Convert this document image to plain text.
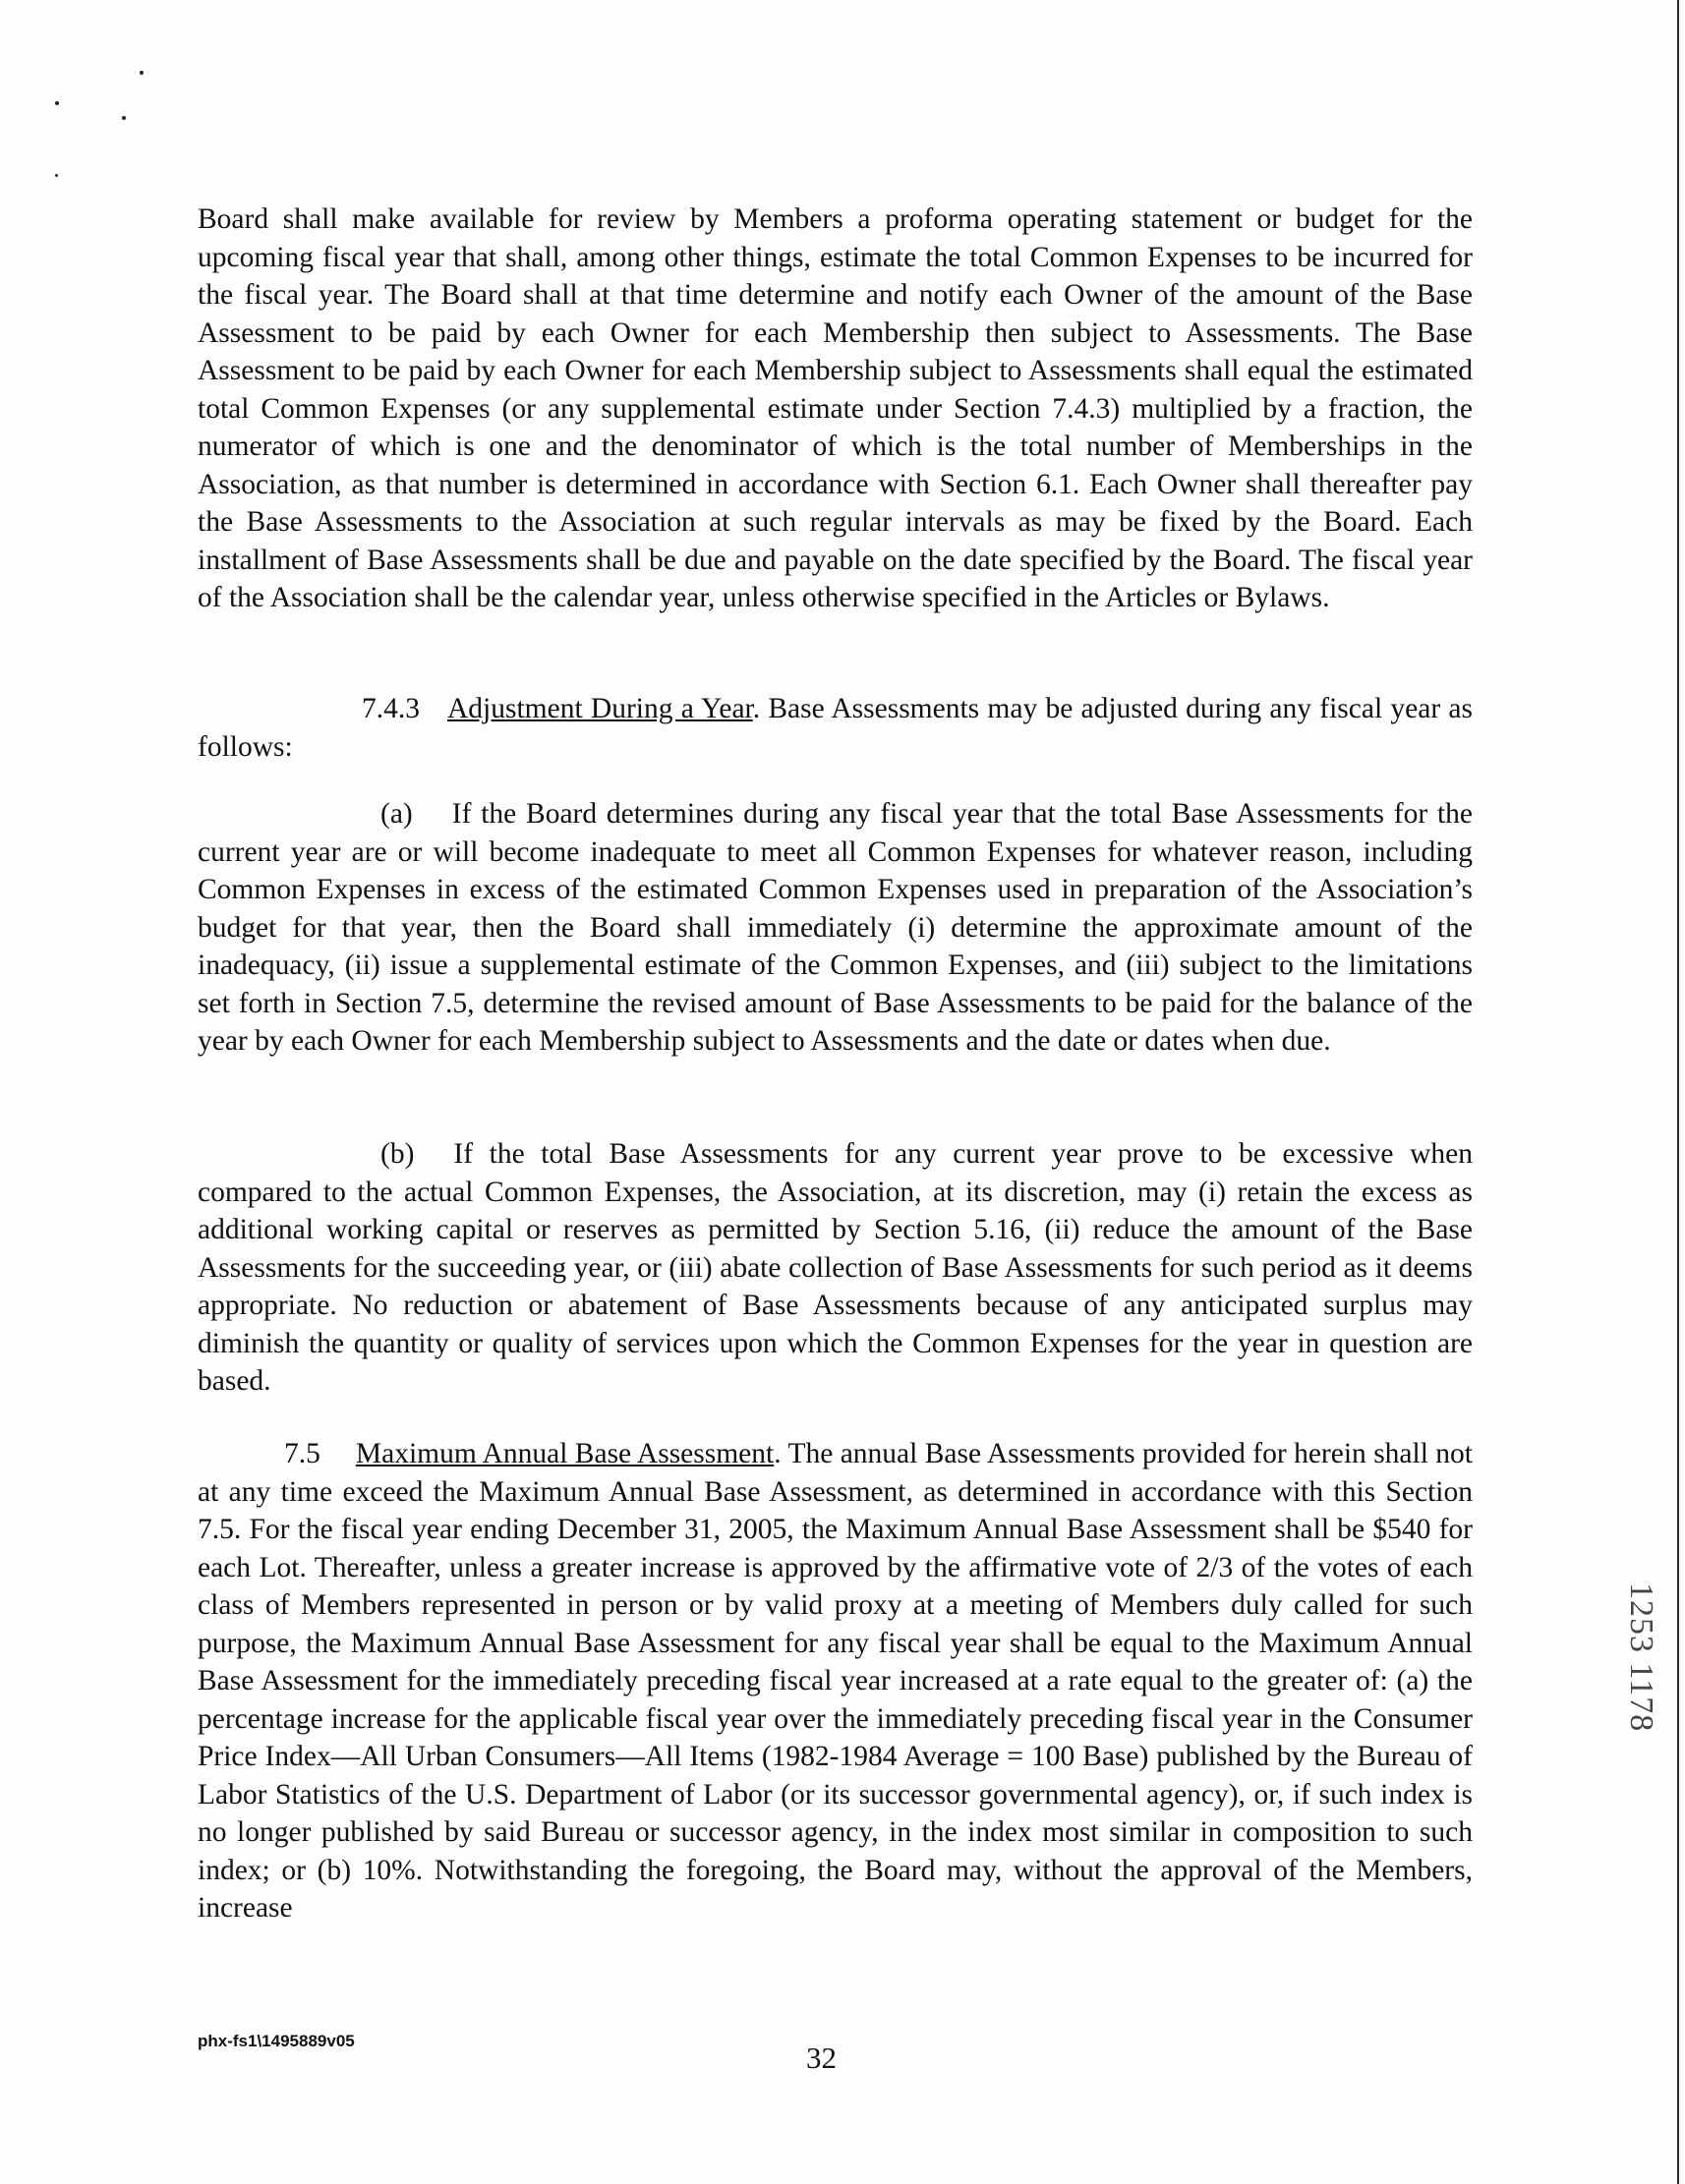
Board shall make available for review by Members a proforma operating statement or budget for the upcoming fiscal year that shall, among other things, estimate the total Common Expenses to be incurred for the fiscal year. The Board shall at that time determine and notify each Owner of the amount of the Base Assessment to be paid by each Owner for each Membership then subject to Assessments. The Base Assessment to be paid by each Owner for each Membership subject to Assessments shall equal the estimated total Common Expenses (or any supplemental estimate under Section 7.4.3) multiplied by a fraction, the numerator of which is one and the denominator of which is the total number of Memberships in the Association, as that number is determined in accordance with Section 6.1. Each Owner shall thereafter pay the Base Assessments to the Association at such regular intervals as may be fixed by the Board. Each installment of Base Assessments shall be due and payable on the date specified by the Board. The fiscal year of the Association shall be the calendar year, unless otherwise specified in the Articles or Bylaws.

7.4.3 Adjustment During a Year. Base Assessments may be adjusted during any fiscal year as follows:

(a) If the Board determines during any fiscal year that the total Base Assessments for the current year are or will become inadequate to meet all Common Expenses for whatever reason, including Common Expenses in excess of the estimated Common Expenses used in preparation of the Association’s budget for that year, then the Board shall immediately (i) determine the approximate amount of the inadequacy, (ii) issue a supplemental estimate of the Common Expenses, and (iii) subject to the limitations set forth in Section 7.5, determine the revised amount of Base Assessments to be paid for the balance of the year by each Owner for each Membership subject to Assessments and the date or dates when due.

(b) If the total Base Assessments for any current year prove to be excessive when compared to the actual Common Expenses, the Association, at its discretion, may (i) retain the excess as additional working capital or reserves as permitted by Section 5.16, (ii) reduce the amount of the Base Assessments for the succeeding year, or (iii) abate collection of Base Assessments for such period as it deems appropriate. No reduction or abatement of Base Assessments because of any anticipated surplus may diminish the quantity or quality of services upon which the Common Expenses for the year in question are based.

7.5 Maximum Annual Base Assessment. The annual Base Assessments provided for herein shall not at any time exceed the Maximum Annual Base Assessment, as determined in accordance with this Section 7.5. For the fiscal year ending December 31, 2005, the Maximum Annual Base Assessment shall be $540 for each Lot. Thereafter, unless a greater increase is approved by the affirmative vote of 2/3 of the votes of each class of Members represented in person or by valid proxy at a meeting of Members duly called for such purpose, the Maximum Annual Base Assessment for any fiscal year shall be equal to the Maximum Annual Base Assessment for the immediately preceding fiscal year increased at a rate equal to the greater of: (a) the percentage increase for the applicable fiscal year over the immediately preceding fiscal year in the Consumer Price Index—All Urban Consumers—All Items (1982-1984 Average = 100 Base) published by the Bureau of Labor Statistics of the U.S. Department of Labor (or its successor governmental agency), or, if such index is no longer published by said Bureau or successor agency, in the index most similar in composition to such index; or (b) 10%. Notwithstanding the foregoing, the Board may, without the approval of the Members, increase

1253 1178
phx-fs1\1495889v05	32
